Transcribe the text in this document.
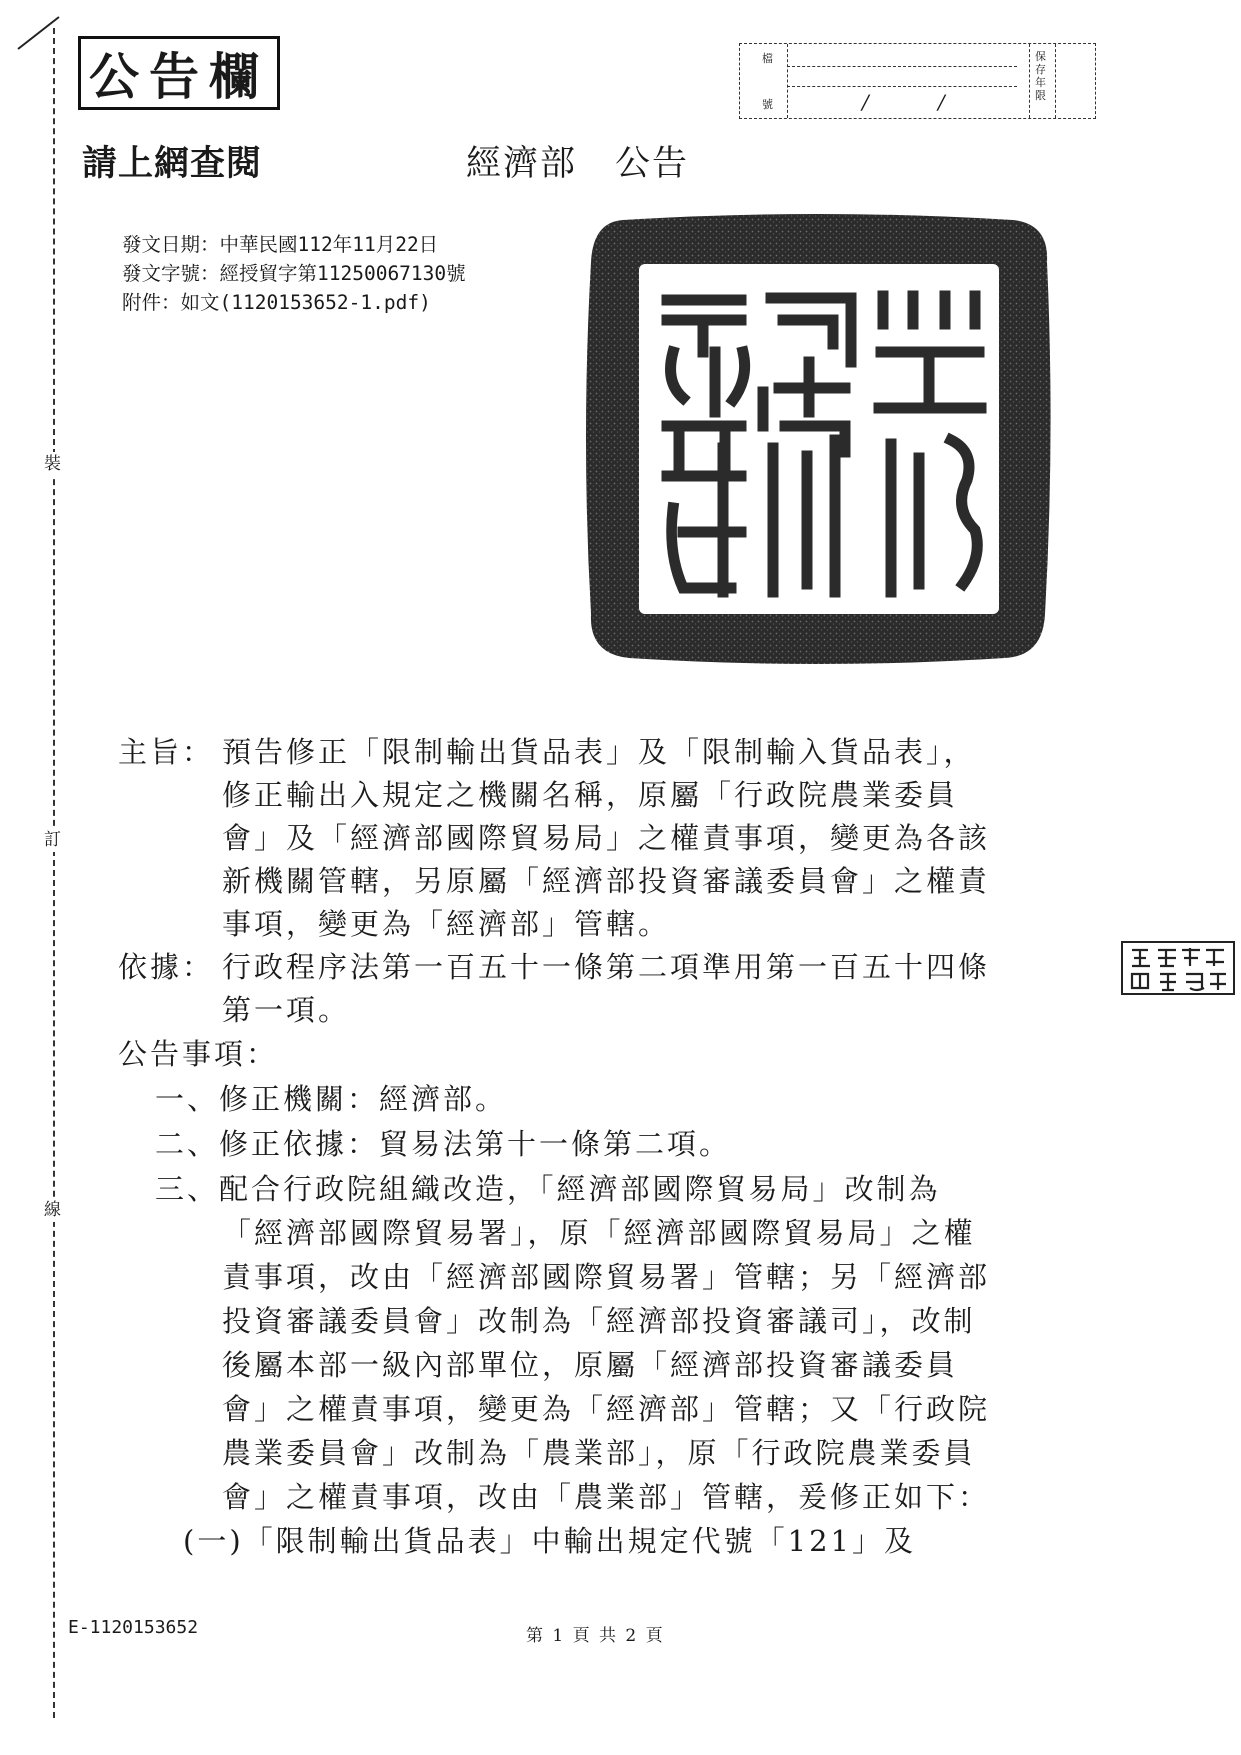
裝
訂
線
公告欄
請上網查閱	經濟部 公告
檔
號	/	/
保存年限
發文日期：中華民國112年11月22日
發文字號：經授貿字第11250067130號
附件：如文(1120153652-1.pdf)
主旨： 預告修正「限制輸出貨品表」及「限制輸入貨品表」，
修正輸出入規定之機關名稱，原屬「行政院農業委員
會」及「經濟部國際貿易局」之權責事項，變更為各該
新機關管轄，另原屬「經濟部投資審議委員會」之權責
事項，變更為「經濟部」管轄。
依據： 行政程序法第一百五十一條第二項準用第一百五十四條
第一項。
公告事項：
一、修正機關：經濟部。
二、修正依據：貿易法第十一條第二項。
三、配合行政院組織改造，「經濟部國際貿易局」改制為
「經濟部國際貿易署」，原「經濟部國際貿易局」之權
責事項，改由「經濟部國際貿易署」管轄；另「經濟部
投資審議委員會」改制為「經濟部投資審議司」，改制
後屬本部一級內部單位，原屬「經濟部投資審議委員
會」之權責事項，變更為「經濟部」管轄；又「行政院
農業委員會」改制為「農業部」，原「行政院農業委員
會」之權責事項，改由「農業部」管轄，爰修正如下：
(一)「限制輸出貨品表」中輸出規定代號「121」及
E-1120153652	第 1 頁 共 2 頁
